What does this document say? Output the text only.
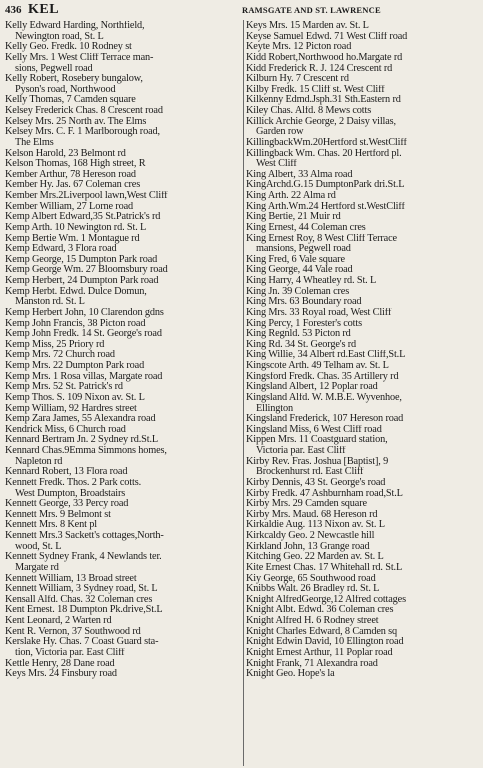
436 KEL	RAMSGATE AND ST. LAWRENCE
Kelly Edward Harding, Northfield,
Newington road, St. L
Kelly Geo. Fredk. 10 Rodney st
Kelly Mrs. 1 West Cliff Terrace man-
sions, Pegwell road
Kelly Robert, Rosebery bungalow,
Pyson's road, Northwood
Kelly Thomas, 7 Camden square
Kelsey Frederick Chas. 8 Crescent road
Kelsey Mrs. 25 North av. The Elms
Kelsey Mrs. C. F. 1 Marlborough road,
The Elms
Kelson Harold, 23 Belmont rd
Kelson Thomas, 168 High street, R
Kember Arthur, 78 Hereson road
Kember Hy. Jas. 67 Coleman cres
Kember Mrs.2Liverpool lawn,West Cliff
Kember William, 27 Lorne road
Kemp Albert Edward,35 St.Patrick's rd
Kemp Arth. 10 Newington rd. St. L
Kemp Bertie Wm. 1 Montague rd
Kemp Edward, 3 Flora road
Kemp George, 15 Dumpton Park road
Kemp George Wm. 27 Bloomsbury road
Kemp Herbert, 24 Dumpton Park road
Kemp Herbt. Edwd. Dulce Domun,
Manston rd. St. L
Kemp Herbert John, 10 Clarendon gdns
Kemp John Francis, 38 Picton road
Kemp John Fredk. 14 St. George's road
Kemp Miss, 25 Priory rd
Kemp Mrs. 72 Church road
Kemp Mrs. 22 Dumpton Park road
Kemp Mrs. 1 Rosa villas, Margate road
Kemp Mrs. 52 St. Patrick's rd
Kemp Thos. S. 109 Nixon av. St. L
Kemp William, 92 Hardres street
Kemp Zara James, 55 Alexandra road
Kendrick Miss, 6 Church road
Kennard Bertram Jn. 2 Sydney rd.St.L
Kennard Chas.9Emma Simmons homes,
Napleton rd
Kennard Robert, 13 Flora road
Kennett Fredk. Thos. 2 Park cotts.
West Dumpton, Broadstairs
Kennett George, 33 Percy road
Kennett Mrs. 9 Belmont st
Kennett Mrs. 8 Kent pl
Kennett Mrs.3 Sackett's cottages,North-
wood, St. L
Kennett Sydney Frank, 4 Newlands ter.
Margate rd
Kennett William, 13 Broad street
Kennett William, 3 Sydney road, St. L
Kensall Alfd. Chas. 32 Coleman cres
Kent Ernest. 18 Dumpton Pk.drive,St.L
Kent Leonard, 2 Warten rd
Kent R. Vernon, 37 Southwood rd
Kerslake Hy. Chas. 7 Coast Guard sta-
tion, Victoria par. East Cliff
Kettle Henry, 28 Dane road
Keys Mrs. 24 Finsbury road
Keys Mrs. 15 Marden av. St. L
Keyse Samuel Edwd. 71 West Cliff road
Keyte Mrs. 12 Picton road
Kidd Robert,Northwood ho.Margate rd
Kidd Frederick R. J. 124 Crescent rd
Kilburn Hy. 7 Crescent rd
Kilby Fredk. 15 Cliff st. West Cliff
Kilkenny Edmd.Jsph.31 Sth.Eastern rd
Kiley Chas. Alfd. 8 Mews cotts
Killick Archie George, 2 Daisy villas,
Garden row
KillingbackWm.20Hertford st.WestCliff
Killingback Wm. Chas. 20 Hertford pl.
West Cliff
King Albert, 33 Alma road
KingArchd.G.15 DumptonPark dri.St.L
King Arth. 22 Alma rd
King Arth.Wm.24 Hertford st.WestCliff
King Bertie, 21 Muir rd
King Ernest, 44 Coleman cres
King Ernest Roy, 8 West Cliff Terrace
mansions, Pegwell road
King Fred, 6 Vale square
King George, 44 Vale road
King Harry, 4 Wheatley rd. St. L
King Jn. 39 Coleman cres
King Mrs. 63 Boundary road
King Mrs. 33 Royal road, West Cliff
King Percy, 1 Forester's cotts
King Regnld. 53 Picton rd
King Rd. 34 St. George's rd
King Willie, 34 Albert rd.East Cliff,St.L
Kingscote Arth. 49 Telham av. St. L
Kingsford Fredk. Chas. 35 Artillery rd
Kingsland Albert, 12 Poplar road
Kingsland Alfd. W. M.B.E. Wyvenhoe,
Ellington
Kingsland Frederick, 107 Hereson road
Kingsland Miss, 6 West Cliff road
Kippen Mrs. 11 Coastguard station,
Victoria par. East Cliff
Kirby Rev. Fras. Joshua [Baptist], 9
Brockenhurst rd. East Cliff
Kirby Dennis, 43 St. George's road
Kirby Fredk. 47 Ashburnham road,St.L
Kirby Mrs. 29 Camden square
Kirby Mrs. Maud. 68 Hereson rd
Kirkaldie Aug. 113 Nixon av. St. L
Kirkcaldy Geo. 2 Newcastle hill
Kirkland John, 13 Grange road
Kitching Geo. 22 Marden av. St. L
Kite Ernest Chas. 17 Whitehall rd. St.L
Kiy George, 65 Southwood road
Knibbs Walt. 26 Bradley rd. St. L
Knight AlfredGeorge,12 Alfred cottages
Knight Albt. Edwd. 36 Coleman cres
Knight Alfred H. 6 Rodney street
Knight Charles Edward, 8 Camden sq
Knight Edwin David, 10 Ellington road
Knight Ernest Arthur, 11 Poplar road
Knight Frank, 71 Alexandra road
Knight Geo. Hope's la
